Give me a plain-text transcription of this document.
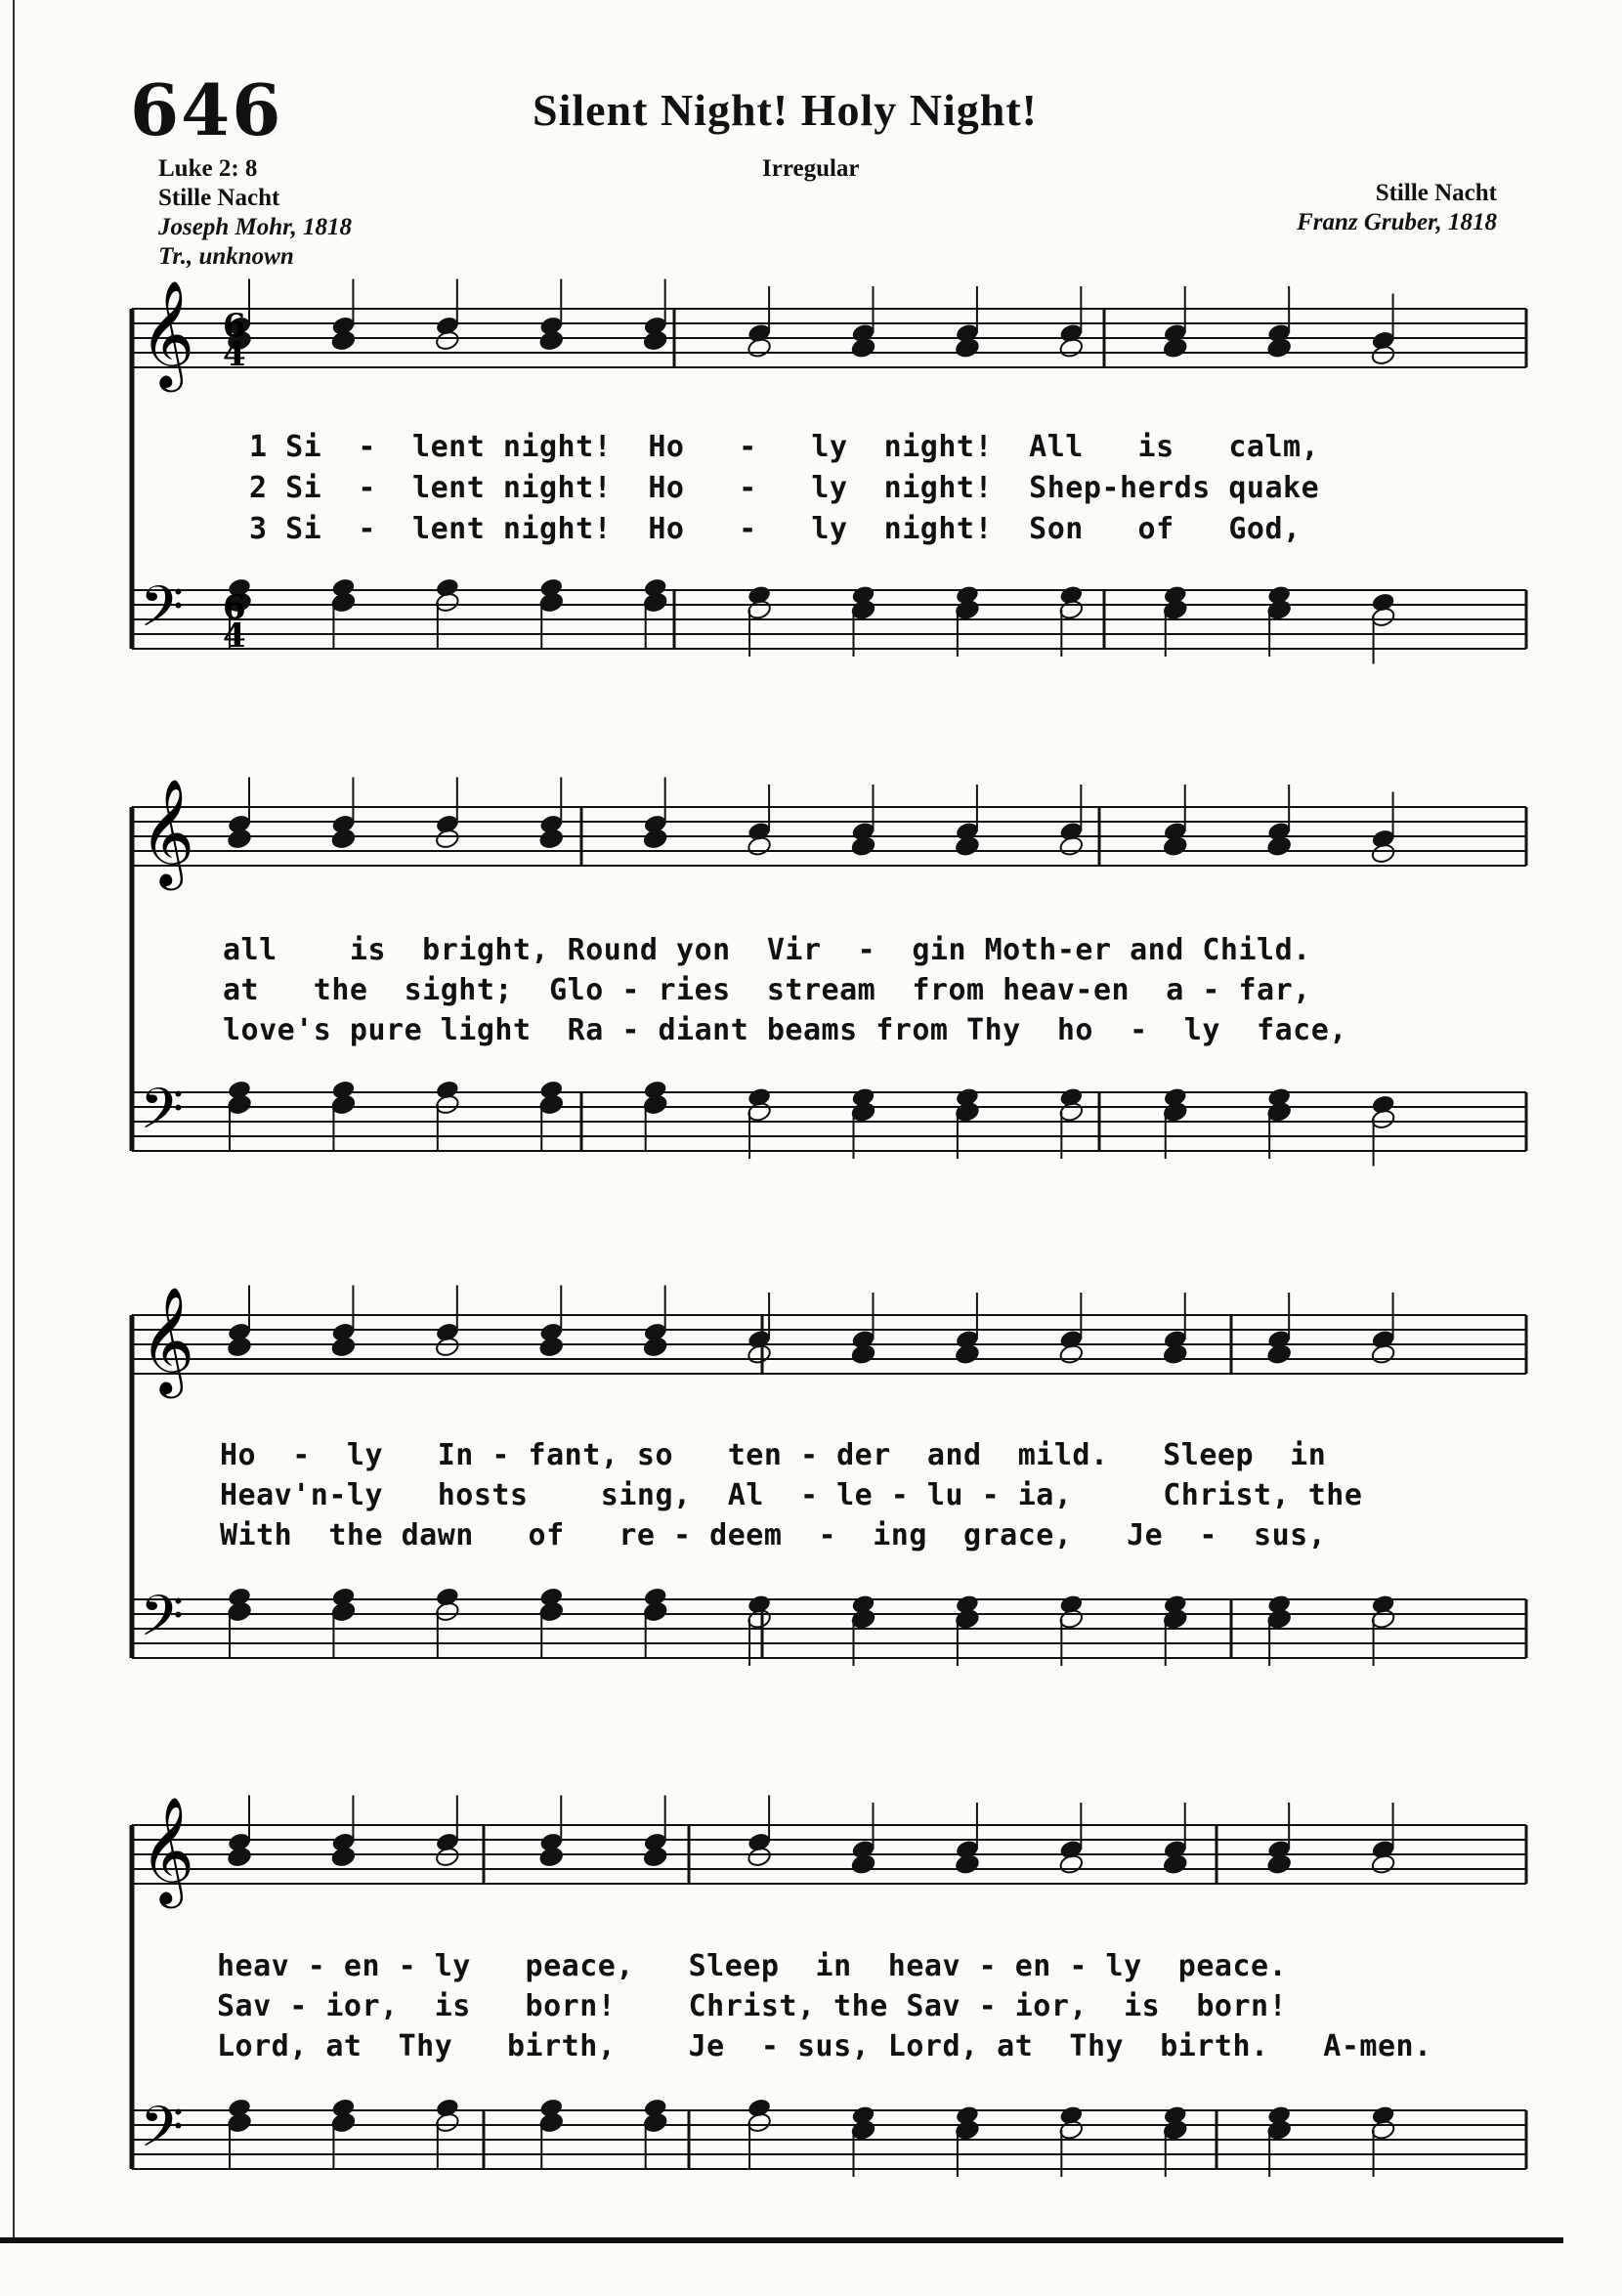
646	Silent Night! Holy Night!
Luke 2: 8
Stille Nacht
Joseph Mohr, 1818
Tr., unknown
Irregular
Stille Nacht
Franz Gruber, 1818
𝄞
𝄢
6
4
6
4
𝄞
𝄢
𝄞
𝄢
𝄞
𝄢
1 Si  -  lent night!  Ho   -   ly  night!  All   is   calm,
2 Si  -  lent night!  Ho   -   ly  night!  Shep-herds quake
3 Si  -  lent night!  Ho   -   ly  night!  Son   of   God,
all    is  bright, Round yon  Vir  -  gin Moth-er and Child.
at   the  sight;  Glo - ries  stream  from heav-en  a - far,
love's pure light  Ra - diant beams from Thy  ho  -  ly  face,
Ho  -  ly   In - fant, so   ten - der  and  mild.   Sleep  in
Heav'n-ly   hosts    sing,  Al  - le - lu - ia,     Christ, the
With  the dawn   of   re - deem  -  ing  grace,   Je  -  sus,
heav - en - ly   peace,   Sleep  in  heav - en - ly  peace.
Sav - ior,  is   born!    Christ, the Sav - ior,  is  born!
Lord, at  Thy   birth,    Je  - sus, Lord, at  Thy  birth.   A-men.
